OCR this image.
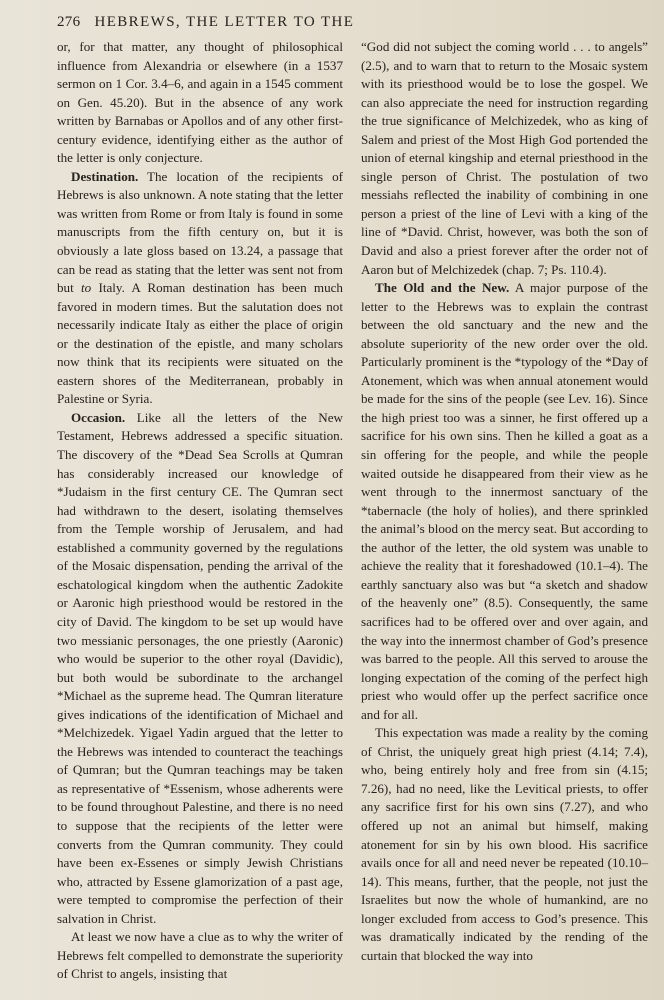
276 HEBREWS, THE LETTER TO THE

or, for that matter, any thought of philosophical influence from Alexandria or elsewhere (in a 1537 sermon on 1 Cor. 3.4–6, and again in a 1545 comment on Gen. 45.20). But in the absence of any work written by Barnabas or Apollos and of any other first-century evidence, identifying either as the author of the letter is only conjecture.

Destination. The location of the recipients of Hebrews is also unknown. A note stating that the letter was written from Rome or from Italy is found in some manuscripts from the fifth century on, but it is obviously a late gloss based on 13.24, a passage that can be read as stating that the letter was sent not from but to Italy. A Roman destination has been much favored in modern times. But the salutation does not necessarily indicate Italy as either the place of origin or the destination of the epistle, and many scholars now think that its recipients were situated on the eastern shores of the Mediterranean, probably in Palestine or Syria.

Occasion. Like all the letters of the New Testament, Hebrews addressed a specific situation. The discovery of the *Dead Sea Scrolls at Qumran has considerably increased our knowledge of *Judaism in the first century CE. The Qumran sect had withdrawn to the desert, isolating themselves from the Temple worship of Jerusalem, and had established a community governed by the regulations of the Mosaic dispensation, pending the arrival of the eschatological kingdom when the authentic Zadokite or Aaronic high priesthood would be restored in the city of David. The kingdom to be set up would have two messianic personages, the one priestly (Aaronic) who would be superior to the other royal (Davidic), but both would be subordinate to the archangel *Michael as the supreme head. The Qumran literature gives indications of the identification of Michael and *Melchizedek. Yigael Yadin argued that the letter to the Hebrews was intended to counteract the teachings of Qumran; but the Qumran teachings may be taken as representative of *Essenism, whose adherents were to be found throughout Palestine, and there is no need to suppose that the recipients of the letter were converts from the Qumran community. They could have been ex-Essenes or simply Jewish Christians who, attracted by Essene glamorization of a past age, were tempted to compromise the perfection of their salvation in Christ.

At least we now have a clue as to why the writer of Hebrews felt compelled to demonstrate the superiority of Christ to angels, insisting that

“God did not subject the coming world . . . to angels” (2.5), and to warn that to return to the Mosaic system with its priesthood would be to lose the gospel. We can also appreciate the need for instruction regarding the true significance of Melchizedek, who as king of Salem and priest of the Most High God portended the union of eternal kingship and eternal priesthood in the single person of Christ. The postulation of two messiahs reflected the inability of combining in one person a priest of the line of Levi with a king of the line of *David. Christ, however, was both the son of David and also a priest forever after the order not of Aaron but of Melchizedek (chap. 7; Ps. 110.4).

The Old and the New. A major purpose of the letter to the Hebrews was to explain the contrast between the old sanctuary and the new and the absolute superiority of the new order over the old. Particularly prominent is the *typology of the *Day of Atonement, which was when annual atonement would be made for the sins of the people (see Lev. 16). Since the high priest too was a sinner, he first offered up a sacrifice for his own sins. Then he killed a goat as a sin offering for the people, and while the people waited outside he disappeared from their view as he went through to the innermost sanctuary of the *tabernacle (the holy of holies), and there sprinkled the animal’s blood on the mercy seat. But according to the author of the letter, the old system was unable to achieve the reality that it foreshadowed (10.1–4). The earthly sanctuary also was but “a sketch and shadow of the heavenly one” (8.5). Consequently, the same sacrifices had to be offered over and over again, and the way into the innermost chamber of God’s presence was barred to the people. All this served to arouse the longing expectation of the coming of the perfect high priest who would offer up the perfect sacrifice once and for all.

This expectation was made a reality by the coming of Christ, the uniquely great high priest (4.14; 7.4), who, being entirely holy and free from sin (4.15; 7.26), had no need, like the Levitical priests, to offer any sacrifice first for his own sins (7.27), and who offered up not an animal but himself, making atonement for sin by his own blood. His sacrifice avails once for all and need never be repeated (10.10–14). This means, further, that the people, not just the Israelites but now the whole of humankind, are no longer excluded from access to God’s presence. This was dramatically indicated by the rending of the curtain that blocked the way into
